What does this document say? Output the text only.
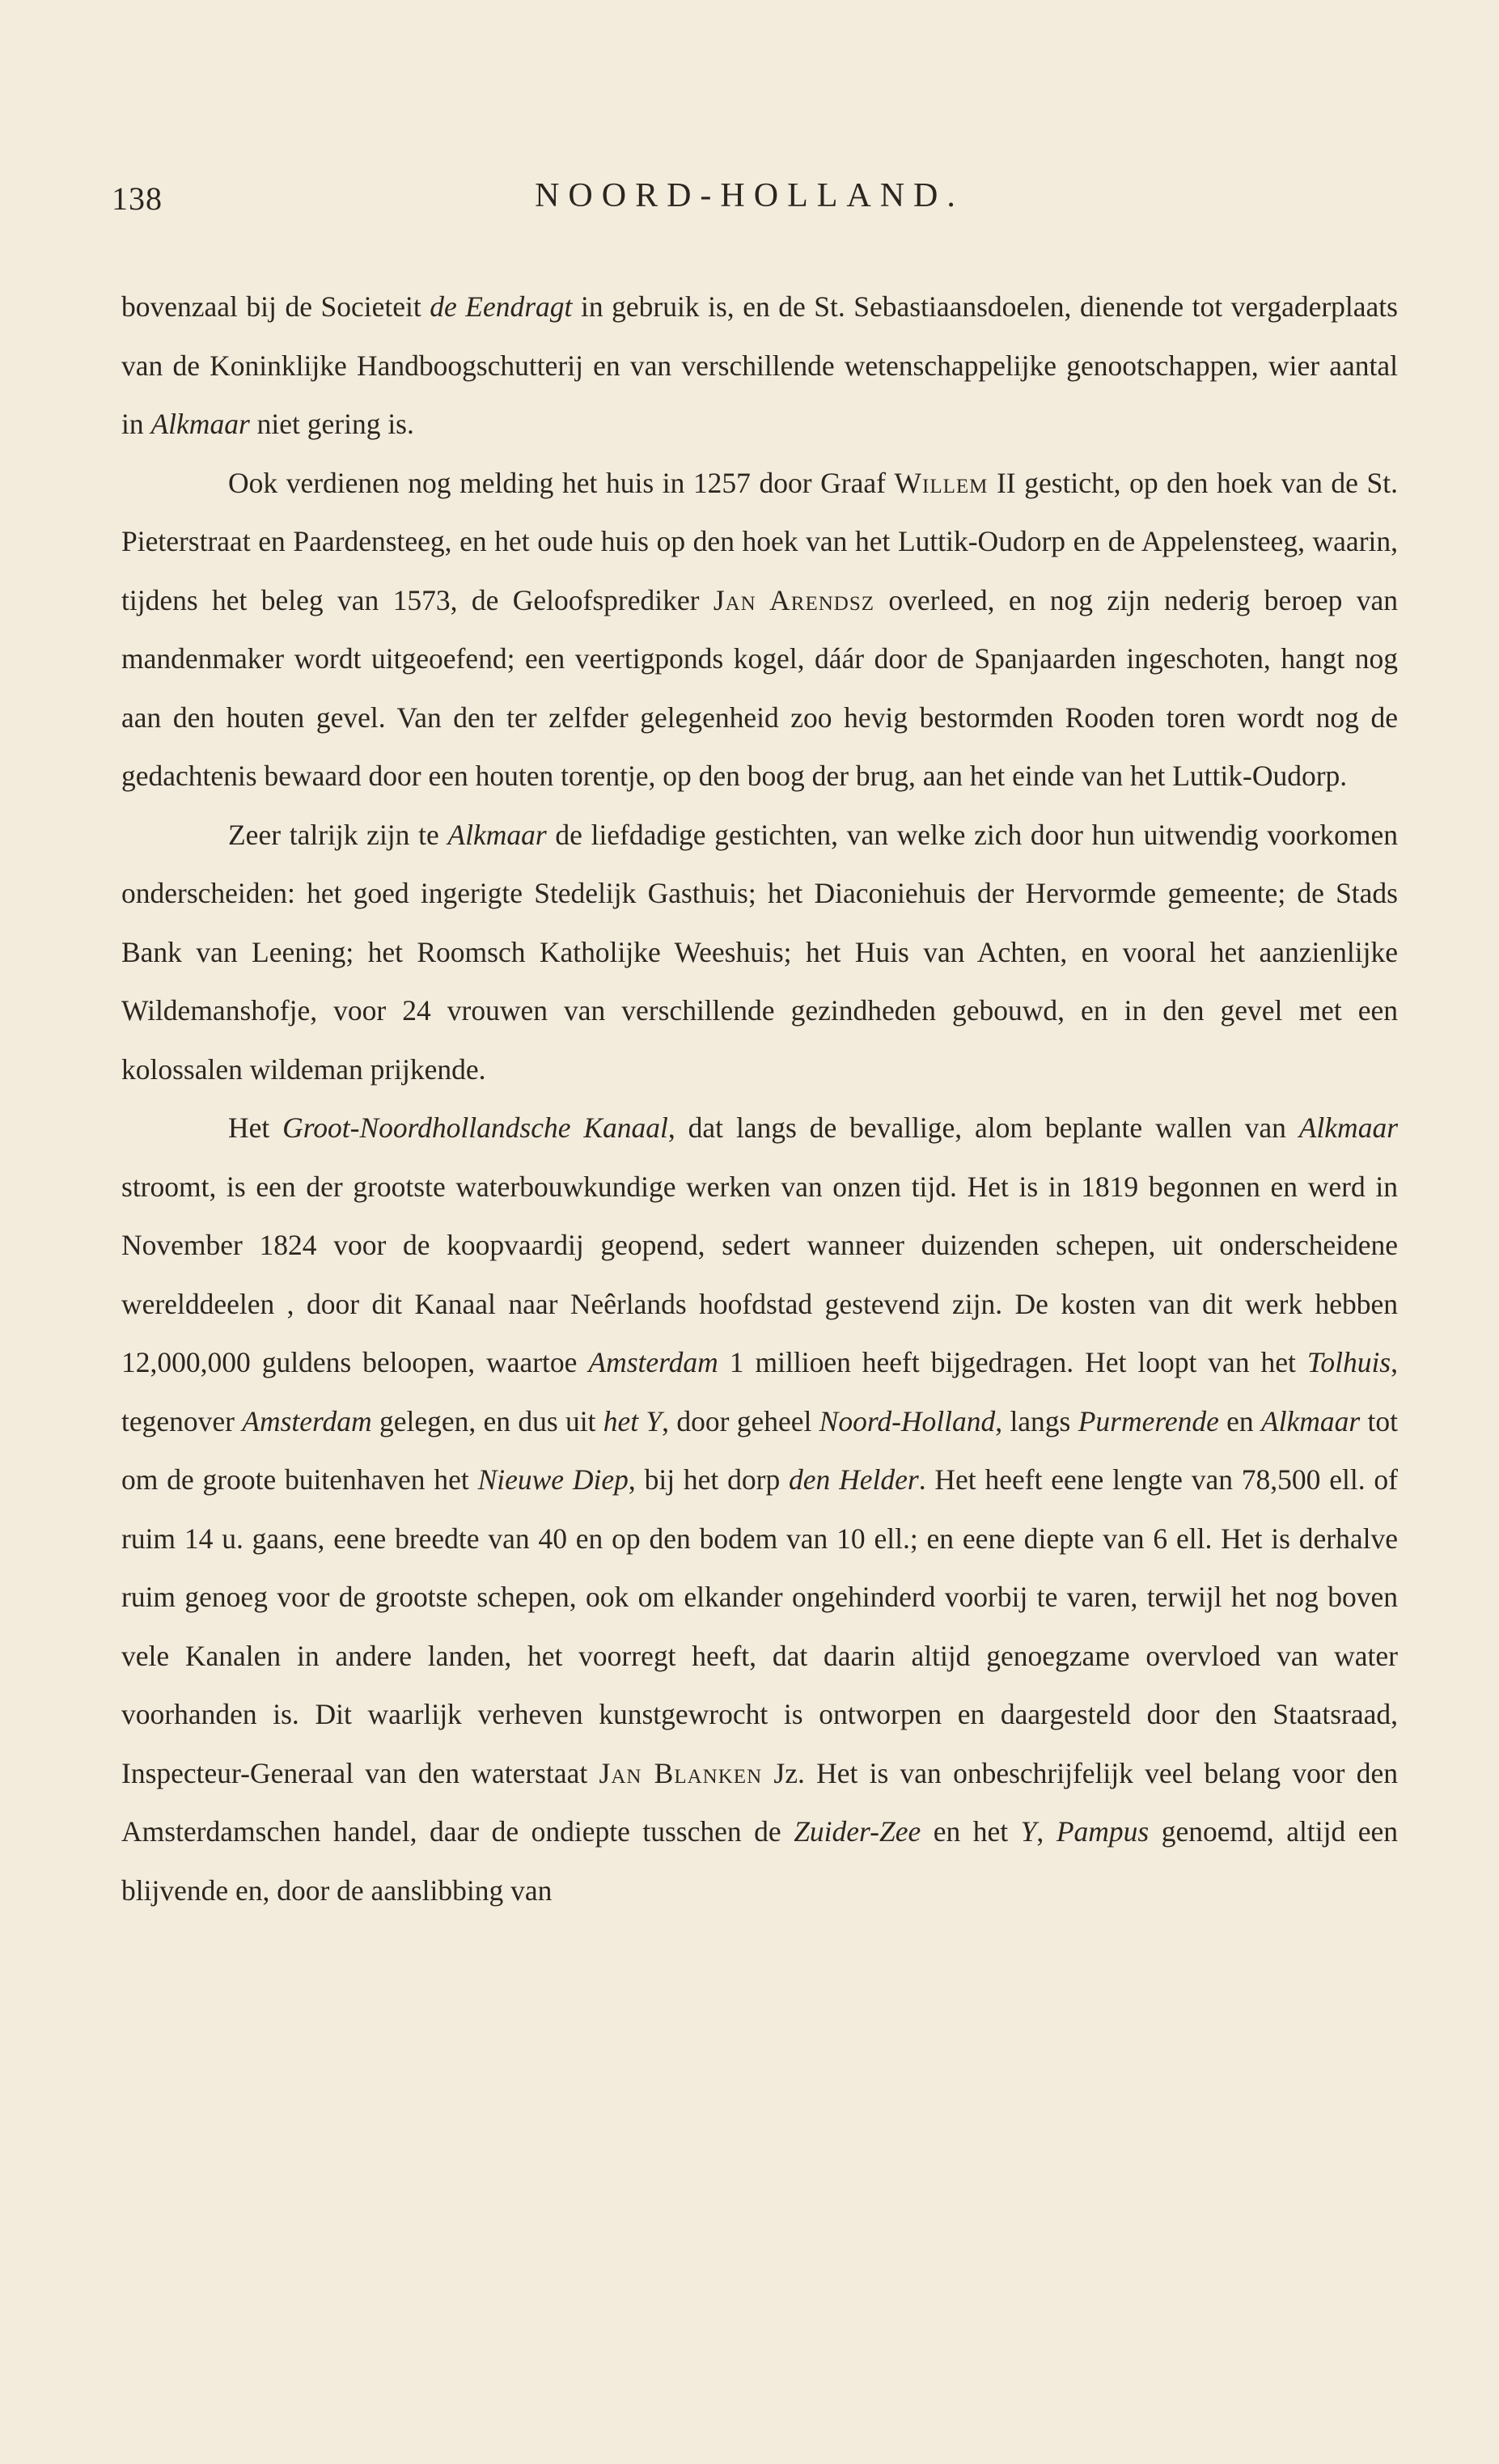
138	NOORD-HOLLAND.

bovenzaal bij de Societeit de Eendragt in gebruik is, en de St. Sebastiaansdoelen, dienende tot vergaderplaats van de Koninklijke Handboogschutterij en van verschillende wetenschappelijke genootschappen, wier aantal in Alkmaar niet gering is.

Ook verdienen nog melding het huis in 1257 door Graaf Willem II gesticht, op den hoek van de St. Pieterstraat en Paardensteeg, en het oude huis op den hoek van het Luttik-Oudorp en de Appelensteeg, waarin, tijdens het beleg van 1573, de Geloofsprediker Jan Arendsz overleed, en nog zijn nederig beroep van mandenmaker wordt uitgeoefend; een veertigponds kogel, dáár door de Spanjaarden ingeschoten, hangt nog aan den houten gevel. Van den ter zelfder gelegenheid zoo hevig bestormden Rooden toren wordt nog de gedachtenis bewaard door een houten torentje, op den boog der brug, aan het einde van het Luttik-Oudorp.

Zeer talrijk zijn te Alkmaar de liefdadige gestichten, van welke zich door hun uitwendig voorkomen onderscheiden: het goed ingerigte Stedelijk Gasthuis; het Diaconiehuis der Hervormde gemeente; de Stads Bank van Leening; het Roomsch Katholijke Weeshuis; het Huis van Achten, en vooral het aanzienlijke Wildemanshofje, voor 24 vrouwen van verschillende gezindheden gebouwd, en in den gevel met een kolossalen wildeman prijkende.

Het Groot-Noordhollandsche Kanaal, dat langs de bevallige, alom beplante wallen van Alkmaar stroomt, is een der grootste waterbouwkundige werken van onzen tijd. Het is in 1819 begonnen en werd in November 1824 voor de koopvaardij geopend, sedert wanneer duizenden schepen, uit onderscheidene werelddeelen , door dit Kanaal naar Neêrlands hoofdstad gestevend zijn. De kosten van dit werk hebben 12,000,000 guldens beloopen, waartoe Amsterdam 1 millioen heeft bijgedragen. Het loopt van het Tolhuis, tegenover Amsterdam gelegen, en dus uit het Y, door geheel Noord-Holland, langs Purmerende en Alkmaar tot om de groote buitenhaven het Nieuwe Diep, bij het dorp den Helder. Het heeft eene lengte van 78,500 ell. of ruim 14 u. gaans, eene breedte van 40 en op den bodem van 10 ell.; en eene diepte van 6 ell. Het is derhalve ruim genoeg voor de grootste schepen, ook om elkander ongehinderd voorbij te varen, terwijl het nog boven vele Kanalen in andere landen, het voorregt heeft, dat daarin altijd genoegzame overvloed van water voorhanden is. Dit waarlijk verheven kunstgewrocht is ontworpen en daargesteld door den Staatsraad, Inspecteur-Generaal van den waterstaat Jan Blanken Jz. Het is van onbeschrijfelijk veel belang voor den Amsterdamschen handel, daar de ondiepte tusschen de Zuider-Zee en het Y, Pampus genoemd, altijd een blijvende en, door de aanslibbing van
